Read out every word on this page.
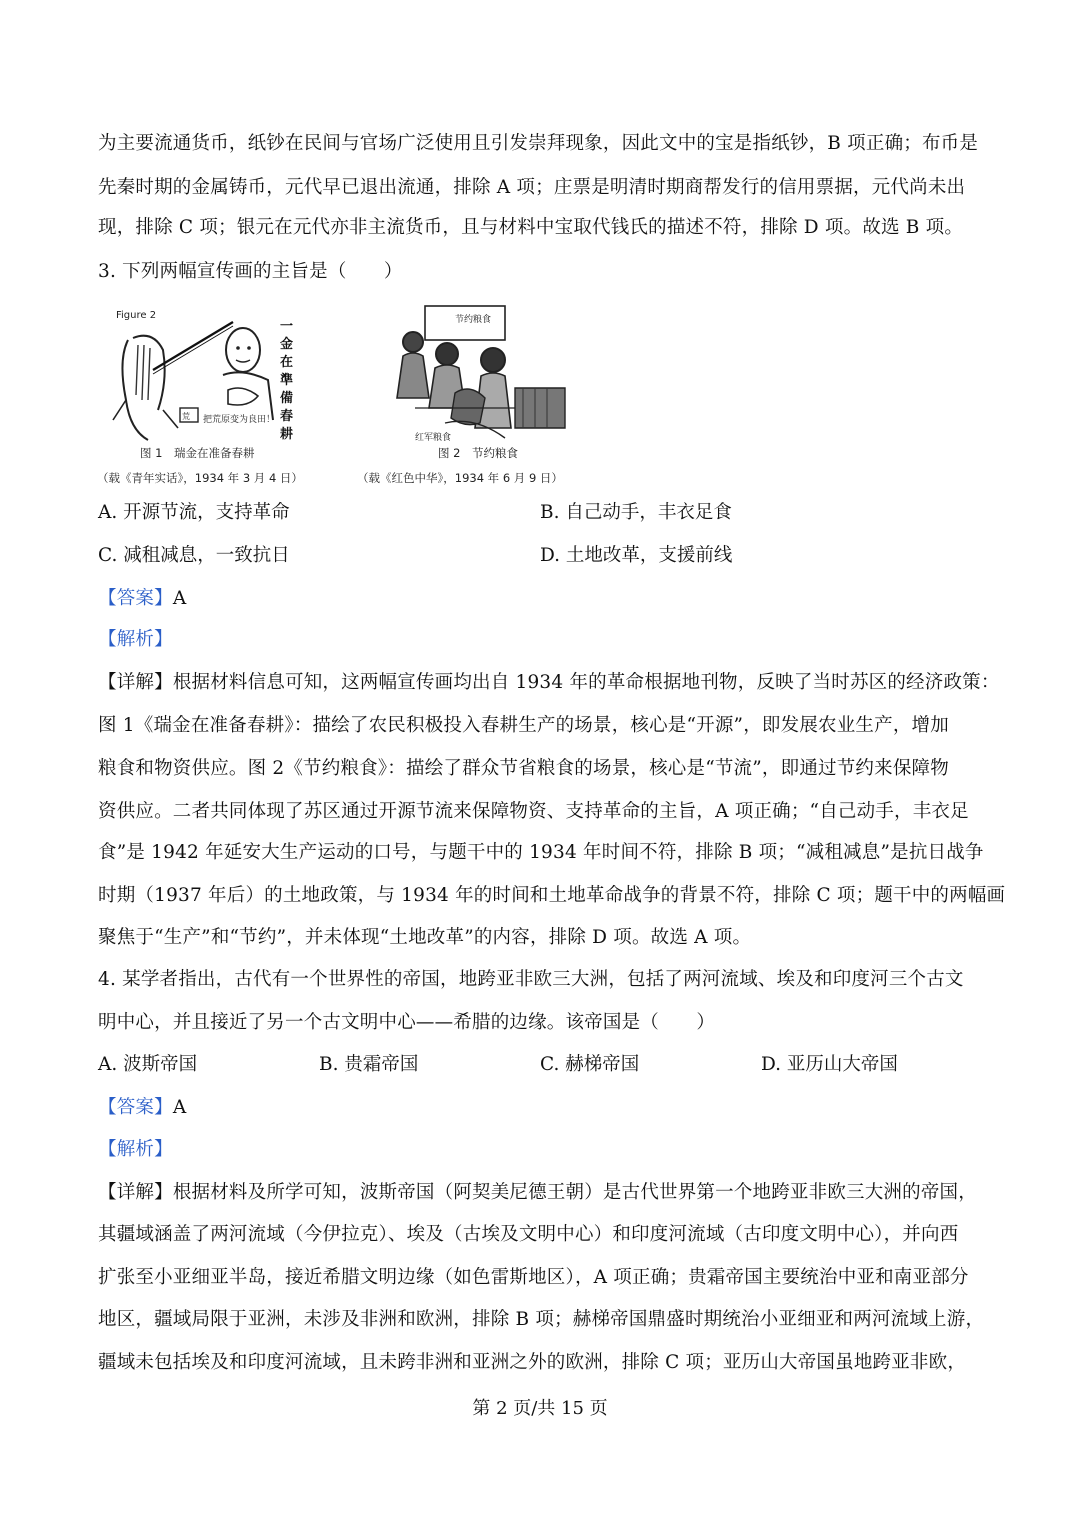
为主要流通货币，纸钞在民间与官场广泛使用且引发崇拜现象，因此文中的宝是指纸钞，B 项正确；布币是
先秦时期的金属铸币，元代早已退出流通，排除 A 项；庄票是明清时期商帮发行的信用票据，元代尚未出
现，排除 C 项；银元在元代亦非主流货币，且与材料中宝取代钱氏的描述不符，排除 D 项。故选 B 项。
3. 下列两幅宣传画的主旨是（　　）
Figure 2
荒 把荒原变为良田！
一
金
在
準
備
春
耕
图 1　瑞金在准备春耕
（载《青年实话》，1934 年 3 月 4 日）
节约粮食
红军粮食
图 2　节约粮食
（载《红色中华》，1934 年 6 月 9 日）
A. 开源节流，支持革命	B. 自己动手，丰衣足食
C. 减租减息，一致抗日	D. 土地改革，支援前线
【答案】A
【解析】
【详解】根据材料信息可知，这两幅宣传画均出自 1934 年的革命根据地刊物，反映了当时苏区的经济政策：
图 1《瑞金在准备春耕》：描绘了农民积极投入春耕生产的场景，核心是“开源”，即发展农业生产，增加
粮食和物资供应。图 2《节约粮食》：描绘了群众节省粮食的场景，核心是“节流”，即通过节约来保障物
资供应。二者共同体现了苏区通过开源节流来保障物资、支持革命的主旨，A 项正确；“自己动手，丰衣足
食”是 1942 年延安大生产运动的口号，与题干中的 1934 年时间不符，排除 B 项；“减租减息”是抗日战争
时期（1937 年后）的土地政策，与 1934 年的时间和土地革命战争的背景不符，排除 C 项；题干中的两幅画
聚焦于“生产”和“节约”，并未体现“土地改革”的内容，排除 D 项。故选 A 项。
4. 某学者指出，古代有一个世界性的帝国，地跨亚非欧三大洲，包括了两河流域、埃及和印度河三个古文
明中心，并且接近了另一个古文明中心——希腊的边缘。该帝国是（　　）
A. 波斯帝国	B. 贵霜帝国	C. 赫梯帝国	D. 亚历山大帝国
【答案】A
【解析】
【详解】根据材料及所学可知，波斯帝国（阿契美尼德王朝）是古代世界第一个地跨亚非欧三大洲的帝国，
其疆域涵盖了两河流域（今伊拉克）、埃及（古埃及文明中心）和印度河流域（古印度文明中心），并向西
扩张至小亚细亚半岛，接近希腊文明边缘（如色雷斯地区），A 项正确；贵霜帝国主要统治中亚和南亚部分
地区，疆域局限于亚洲，未涉及非洲和欧洲，排除 B 项；赫梯帝国鼎盛时期统治小亚细亚和两河流域上游，
疆域未包括埃及和印度河流域，且未跨非洲和亚洲之外的欧洲，排除 C 项；亚历山大帝国虽地跨亚非欧，
第 2 页/共 15 页
